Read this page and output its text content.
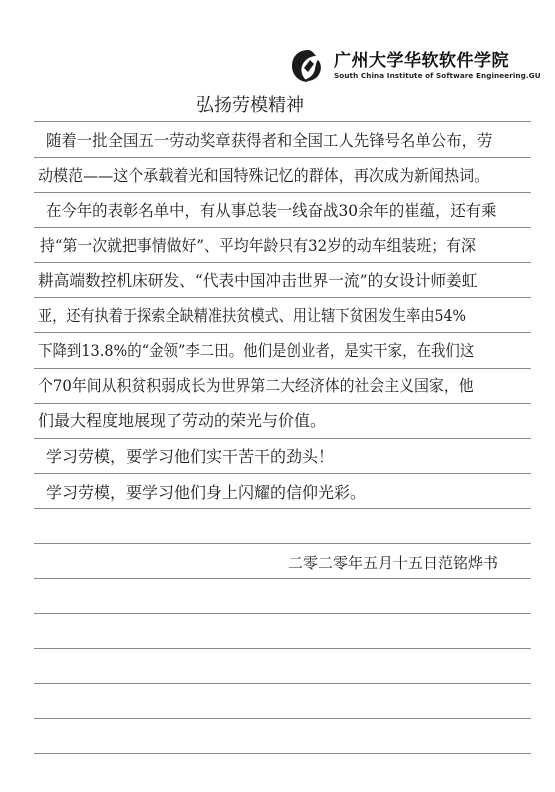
广州大学华软软件学院
South China Institute of Software Engineering.GU
弘扬劳模精神
随着一批全国五一劳动奖章获得者和全国工人先锋号名单公布，劳
动模范——这个承载着光和国特殊记忆的群体，再次成为新闻热词。
在今年的表彰名单中，有从事总装一线奋战30余年的崔蕴，还有乘
持“第一次就把事情做好”、平均年龄只有32岁的动车组装班；有深
耕高端数控机床研发、“代表中国冲击世界一流”的女设计师姜虹
亚，还有执着于探索全缺精准扶贫模式、用让辖下贫困发生率由54%
下降到13.8%的“金领”李二田。他们是创业者，是实干家，在我们这
个70年间从积贫积弱成长为世界第二大经济体的社会主义国家，他
们最大程度地展现了劳动的荣光与价值。
学习劳模，要学习他们实干苦干的劲头！
学习劳模，要学习他们身上闪耀的信仰光彩。
二零二零年五月十五日范铭烨书
